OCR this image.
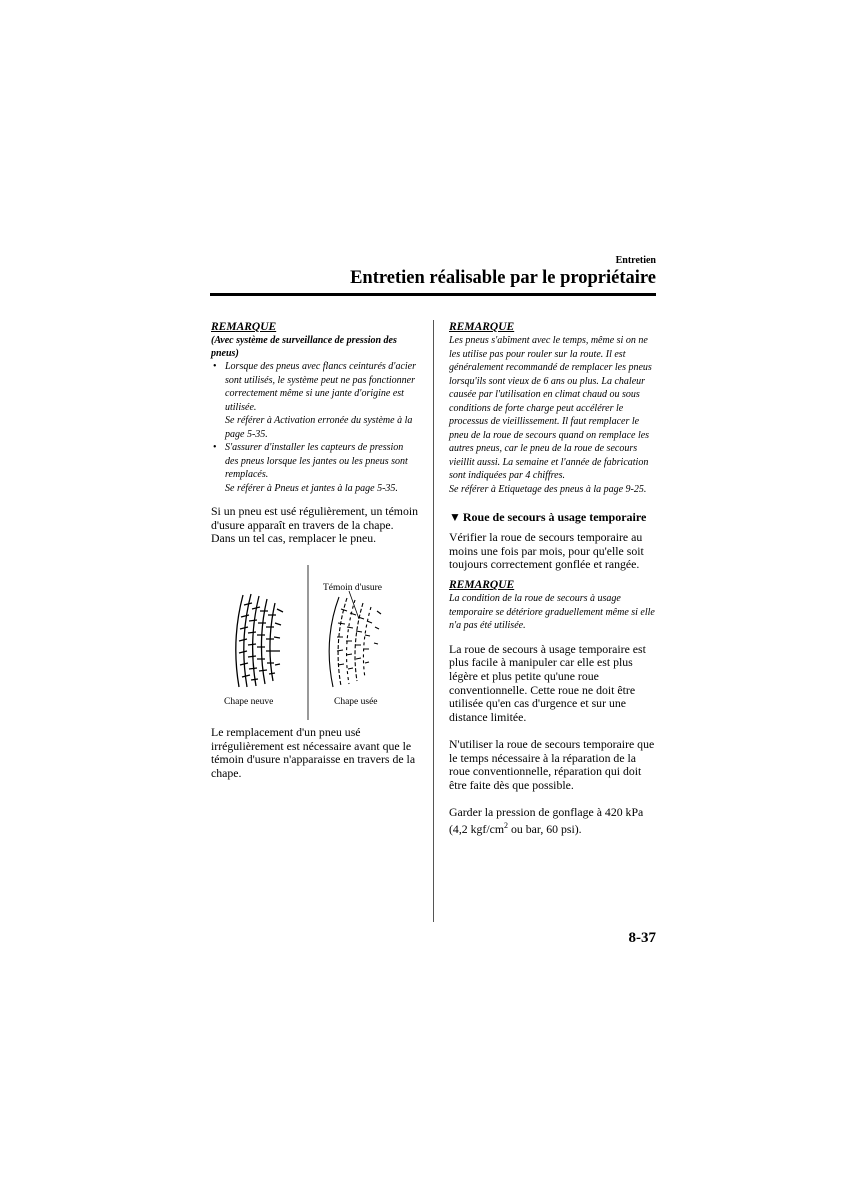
Entretien
Entretien réalisable par le propriétaire
REMARQUE
(Avec système de surveillance de pression des pneus)
• Lorsque des pneus avec flancs ceinturés d'acier sont utilisés, le système peut ne pas fonctionner correctement même si une jante d'origine est utilisée.
Se référer à Activation erronée du système à la page 5-35.
• S'assurer d'installer les capteurs de pression des pneus lorsque les jantes ou les pneus sont remplacés.
Se référer à Pneus et jantes à la page 5-35.

Si un pneu est usé régulièrement, un témoin d'usure apparaît en travers de la chape.

Dans un tel cas, remplacer le pneu.

Témoin d'usure
Chape neuve	Chape usée

Le remplacement d'un pneu usé irrégulièrement est nécessaire avant que le témoin d'usure n'apparaisse en travers de la chape.

REMARQUE

Les pneus s'abîment avec le temps, même si on ne les utilise pas pour rouler sur la route. Il est généralement recommandé de remplacer les pneus lorsqu'ils sont vieux de 6 ans ou plus. La chaleur causée par l'utilisation en climat chaud ou sous conditions de forte charge peut accélérer le processus de vieillissement. Il faut remplacer le pneu de la roue de secours quand on remplace les autres pneus, car le pneu de la roue de secours vieillit aussi. La semaine et l'année de fabrication sont indiquées par 4 chiffres.

Se référer à Etiquetage des pneus à la page 9-25.

▼ Roue de secours à usage temporaire

Vérifier la roue de secours temporaire au moins une fois par mois, pour qu'elle soit toujours correctement gonflée et rangée.

REMARQUE

La condition de la roue de secours à usage temporaire se détériore graduellement même si elle n'a pas été utilisée.

La roue de secours à usage temporaire est plus facile à manipuler car elle est plus légère et plus petite qu'une roue conventionnelle. Cette roue ne doit être utilisée qu'en cas d'urgence et sur une distance limitée.

N'utiliser la roue de secours temporaire que le temps nécessaire à la réparation de la roue conventionnelle, réparation qui doit être faite dès que possible.

Garder la pression de gonflage à 420 kPa (4,2 kgf/$cm^2$ ou bar, 60 psi).

8-37
